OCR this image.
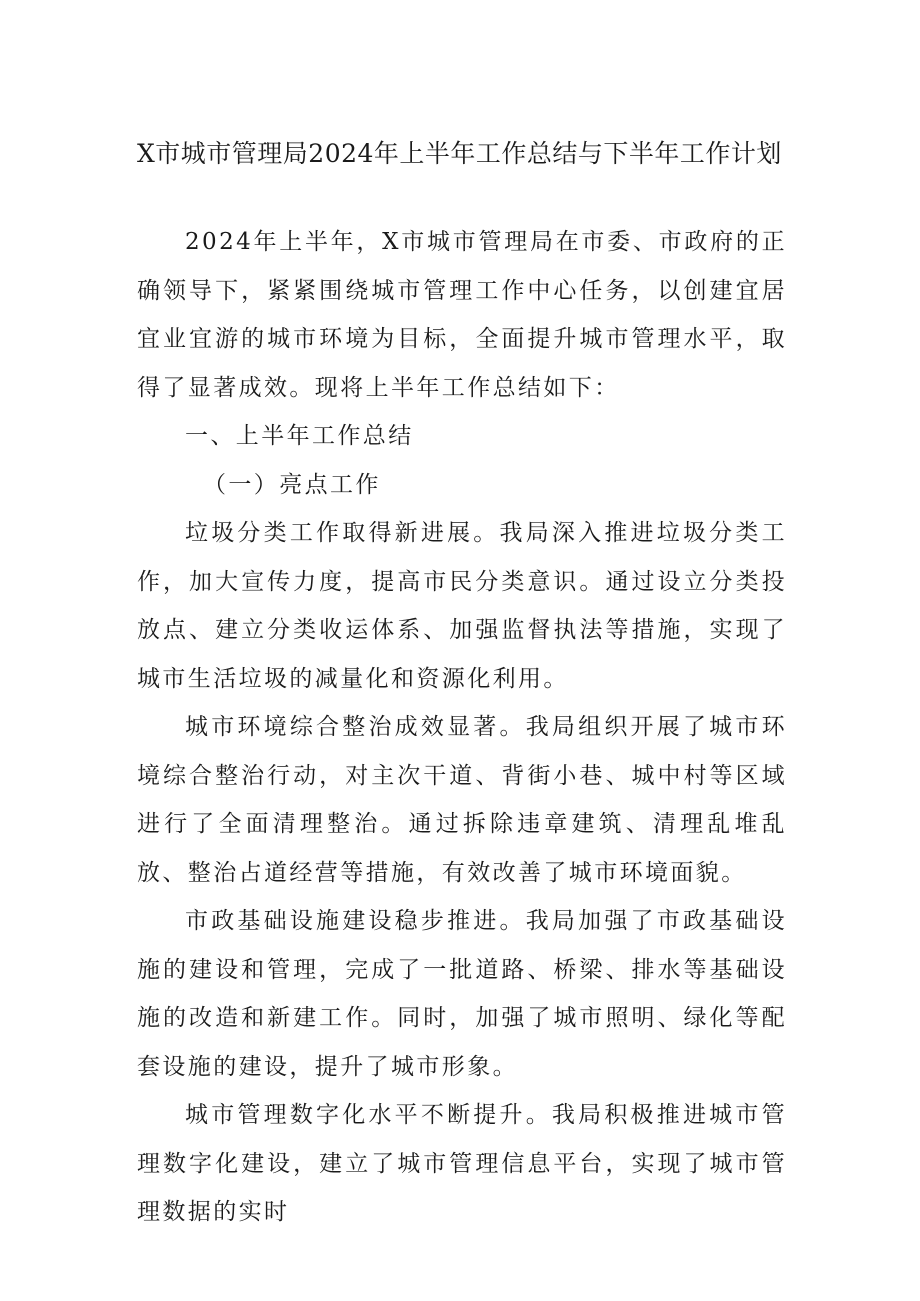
X市城市管理局2024年上半年工作总结与下半年工作计划

2024年上半年，X市城市管理局在市委、市政府的正确领导下，紧紧围绕城市管理工作中心任务，以创建宜居宜业宜游的城市环境为目标，全面提升城市管理水平，取得了显著成效。现将上半年工作总结如下：

一、上半年工作总结

（一）亮点工作

垃圾分类工作取得新进展。我局深入推进垃圾分类工作，加大宣传力度，提高市民分类意识。通过设立分类投放点、建立分类收运体系、加强监督执法等措施，实现了城市生活垃圾的减量化和资源化利用。

城市环境综合整治成效显著。我局组织开展了城市环境综合整治行动，对主次干道、背街小巷、城中村等区域进行了全面清理整治。通过拆除违章建筑、清理乱堆乱放、整治占道经营等措施，有效改善了城市环境面貌。

市政基础设施建设稳步推进。我局加强了市政基础设施的建设和管理，完成了一批道路、桥梁、排水等基础设施的改造和新建工作。同时，加强了城市照明、绿化等配套设施的建设，提升了城市形象。

城市管理数字化水平不断提升。我局积极推进城市管理数字化建设，建立了城市管理信息平台，实现了城市管理数据的实时
